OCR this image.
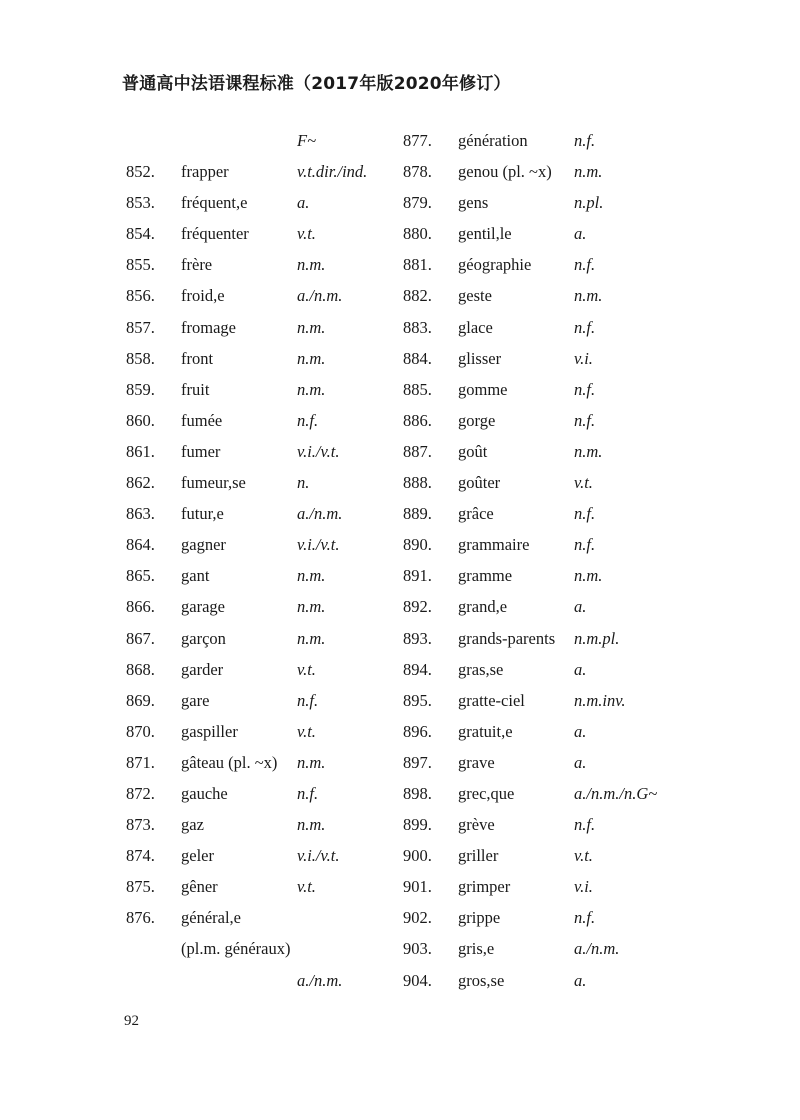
普通高中法语课程标准（2017年版2020年修订）
F~
852. frapper	v.t.dir./ind.
853. fréquent,e	a.
854. fréquenter	v.t.
855. frère	n.m.
856. froid,e	a./n.m.
857. fromage	n.m.
858. front	n.m.
859. fruit	n.m.
860. fumée	n.f.
861. fumer	v.i./v.t.
862. fumeur,se	n.
863. futur,e	a./n.m.
864. gagner	v.i./v.t.
865. gant	n.m.
866. garage	n.m.
867. garçon	n.m.
868. garder	v.t.
869. gare	n.f.
870. gaspiller	v.t.
871. gâteau (pl. ~x) n.m.
872. gauche	n.f.
873. gaz	n.m.
874. geler	v.i./v.t.
875. gêner	v.t.
876. général,e
(pl.m. généraux)
a./n.m.
877. génération	n.f.
878. genou (pl. ~x) n.m.
879. gens	n.pl.
880. gentil,le	a.
881. géographie	n.f.
882. geste	n.m.
883. glace	n.f.
884. glisser	v.i.
885. gomme	n.f.
886. gorge	n.f.
887. goût	n.m.
888. goûter	v.t.
889. grâce	n.f.
890. grammaire	n.f.
891. gramme	n.m.
892. grand,e	a.
893. grands-parents n.m.pl.
894. gras,se	a.
895. gratte-ciel	n.m.inv.
896. gratuit,e	a.
897. grave	a.
898. grec,que	a./n.m./n.G~
899. grève	n.f.
900. griller	v.t.
901. grimper	v.i.
902. grippe	n.f.
903. gris,e	a./n.m.
904. gros,se	a.
92
